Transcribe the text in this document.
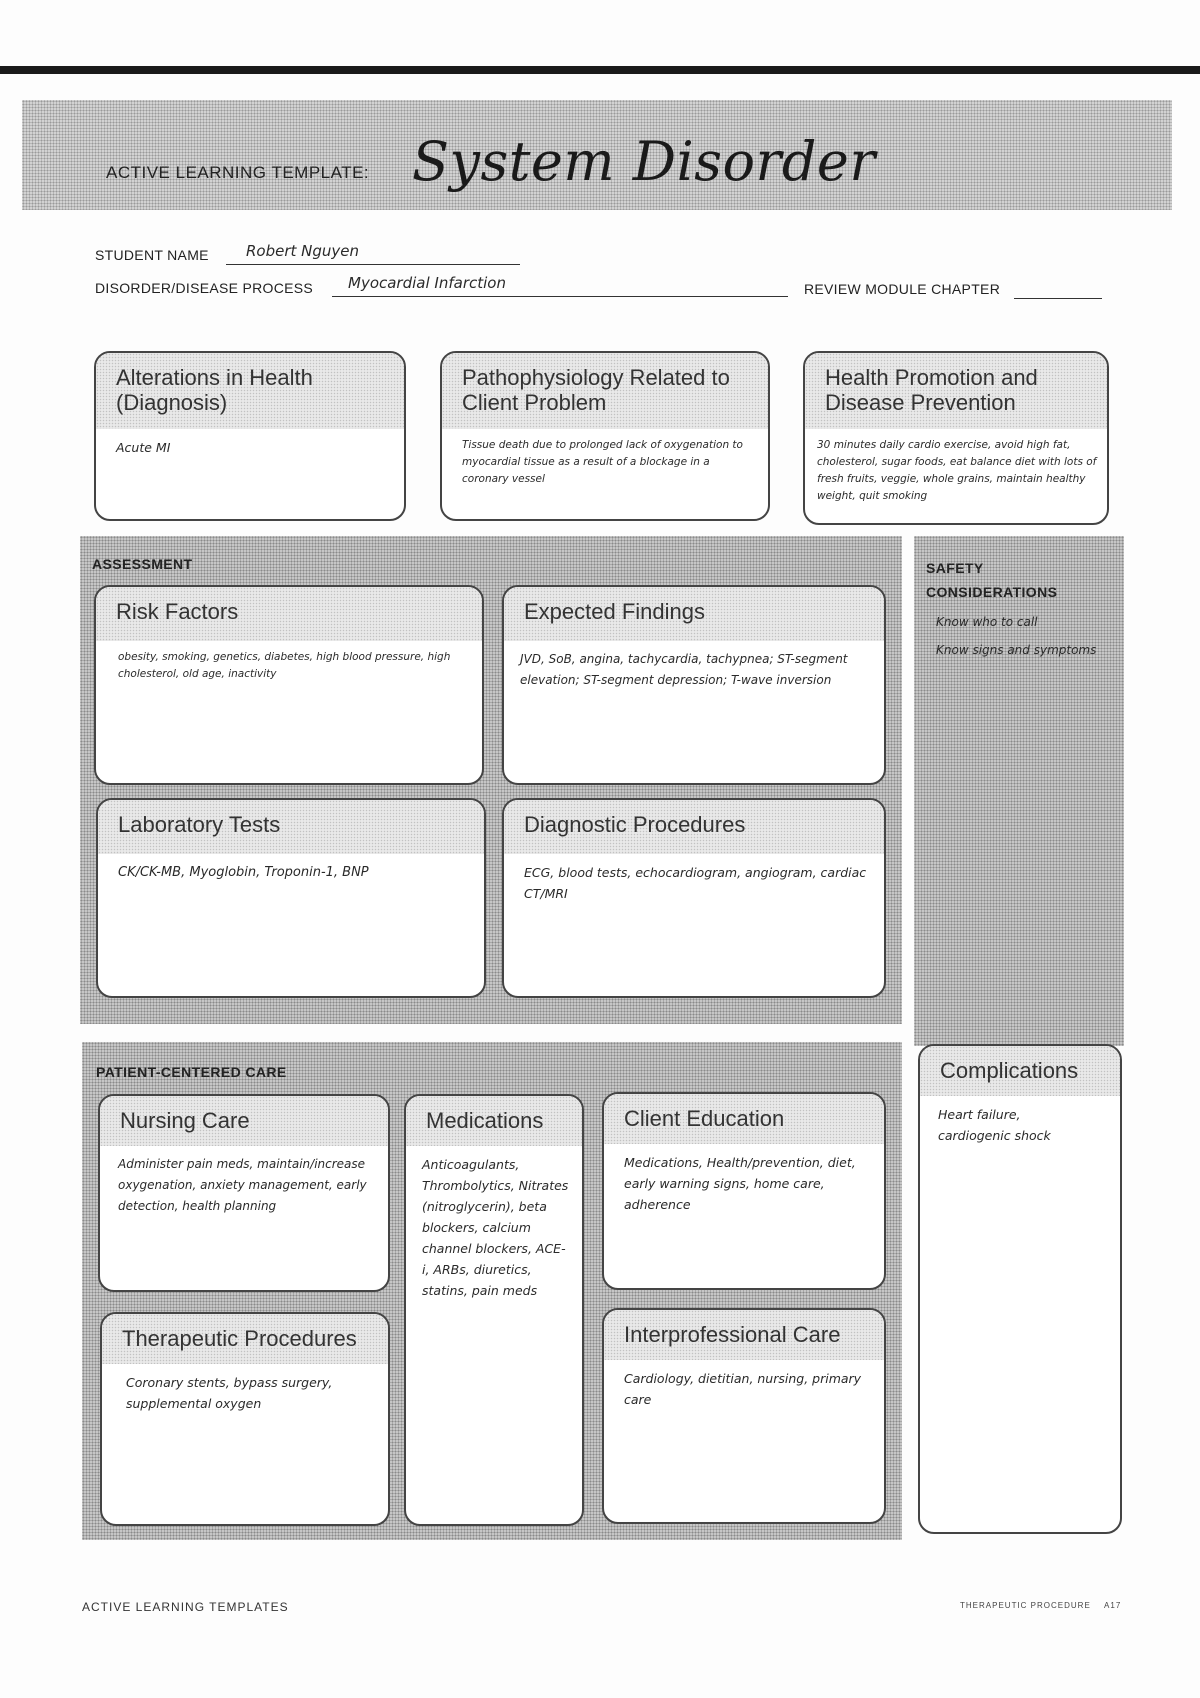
ACTIVE LEARNING TEMPLATE: System Disorder
STUDENT NAME Robert Nguyen
DISORDER/DISEASE PROCESS Myocardial Infarction	REVIEW MODULE CHAPTER
Alterations in Health (Diagnosis)
Acute MI
Pathophysiology Related to Client Problem
Tissue death due to prolonged lack of oxygenation to myocardial tissue as a result of a blockage in a coronary vessel
Health Promotion and Disease Prevention
30 minutes daily cardio exercise, avoid high fat, cholesterol, sugar foods, eat balance diet with lots of fresh fruits, veggie, whole grains, maintain healthy weight, quit smoking
ASSESSMENT
Risk Factors
obesity, smoking, genetics, diabetes, high blood pressure, high cholesterol, old age, inactivity
Expected Findings
JVD, SoB, angina, tachycardia, tachypnea; ST-segment elevation; ST-segment depression; T-wave inversion
Laboratory Tests
CK/CK-MB, Myoglobin, Troponin-1, BNP
Diagnostic Procedures
ECG, blood tests, echocardiogram, angiogram, cardiac CT/MRI
SAFETY CONSIDERATIONS
Know who to call
Know signs and symptoms
PATIENT-CENTERED CARE
Nursing Care
Administer pain meds, maintain/increase oxygenation, anxiety management, early detection, health planning
Medications
Anticoagulants, Thrombolytics, Nitrates (nitroglycerin), beta blockers, calcium channel blockers, ACE-i, ARBs, diuretics, statins, pain meds
Client Education
Medications, Health/prevention, diet, early warning signs, home care, adherence
Therapeutic Procedures
Coronary stents, bypass surgery, supplemental oxygen
Interprofessional Care
Cardiology, dietitian, nursing, primary care
Complications
Heart failure, cardiogenic shock
ACTIVE LEARNING TEMPLATES	THERAPEUTIC PROCEDURE A17
